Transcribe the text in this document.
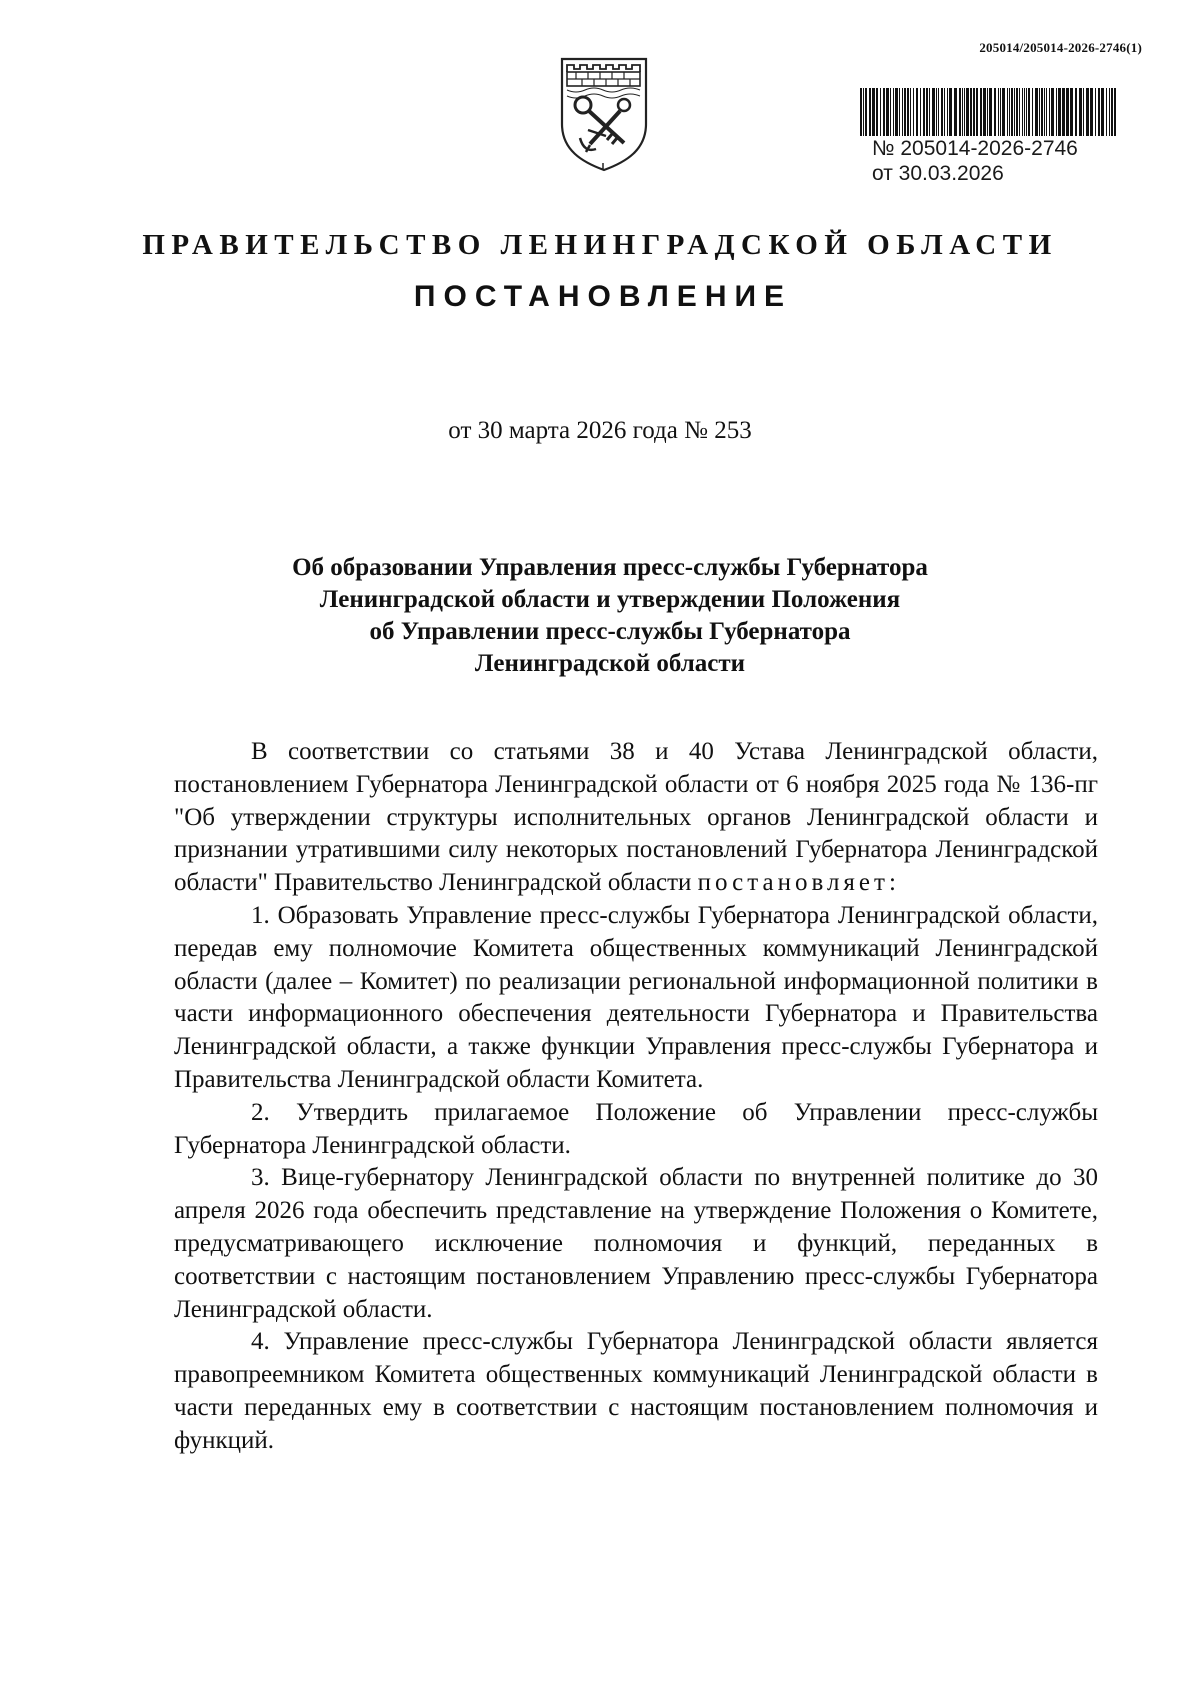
205014/205014-2026-2746(1)
№ 205014-2026-2746
от 30.03.2026
ПРАВИТЕЛЬСТВО ЛЕНИНГРАДСКОЙ ОБЛАСТИ
ПОСТАНОВЛЕНИЕ
от 30 марта 2026 года № 253
Об образовании Управления пресс-службы Губернатора
Ленинградской области и утверждении Положения
об Управлении пресс-службы Губернатора
Ленинградской области

В соответствии со статьями 38 и 40 Устава Ленинградской области, постановлением Губернатора Ленинградской области от 6 ноября 2025 года № 136-пг "Об утверждении структуры исполнительных органов Ленинградской области и признании утратившими силу некоторых постановлений Губернатора Ленинградской области" Правительство Ленинградской области постановляет:

1. Образовать Управление пресс-службы Губернатора Ленинградской области, передав ему полномочие Комитета общественных коммуникаций Ленинградской области (далее – Комитет) по реализации региональной информационной политики в части информационного обеспечения деятельности Губернатора и Правительства Ленинградской области, а также функции Управления пресс-службы Губернатора и Правительства Ленинградской области Комитета.

2. Утвердить прилагаемое Положение об Управлении пресс-службы Губернатора Ленинградской области.

3. Вице-губернатору Ленинградской области по внутренней политике до 30 апреля 2026 года обеспечить представление на утверждение Положения о Комитете, предусматривающего исключение полномочия и функций, переданных в соответствии с настоящим постановлением Управлению пресс-службы Губернатора Ленинградской области.

4. Управление пресс-службы Губернатора Ленинградской области является правопреемником Комитета общественных коммуникаций Ленинградской области в части переданных ему в соответствии с настоящим постановлением полномочия и функций.
